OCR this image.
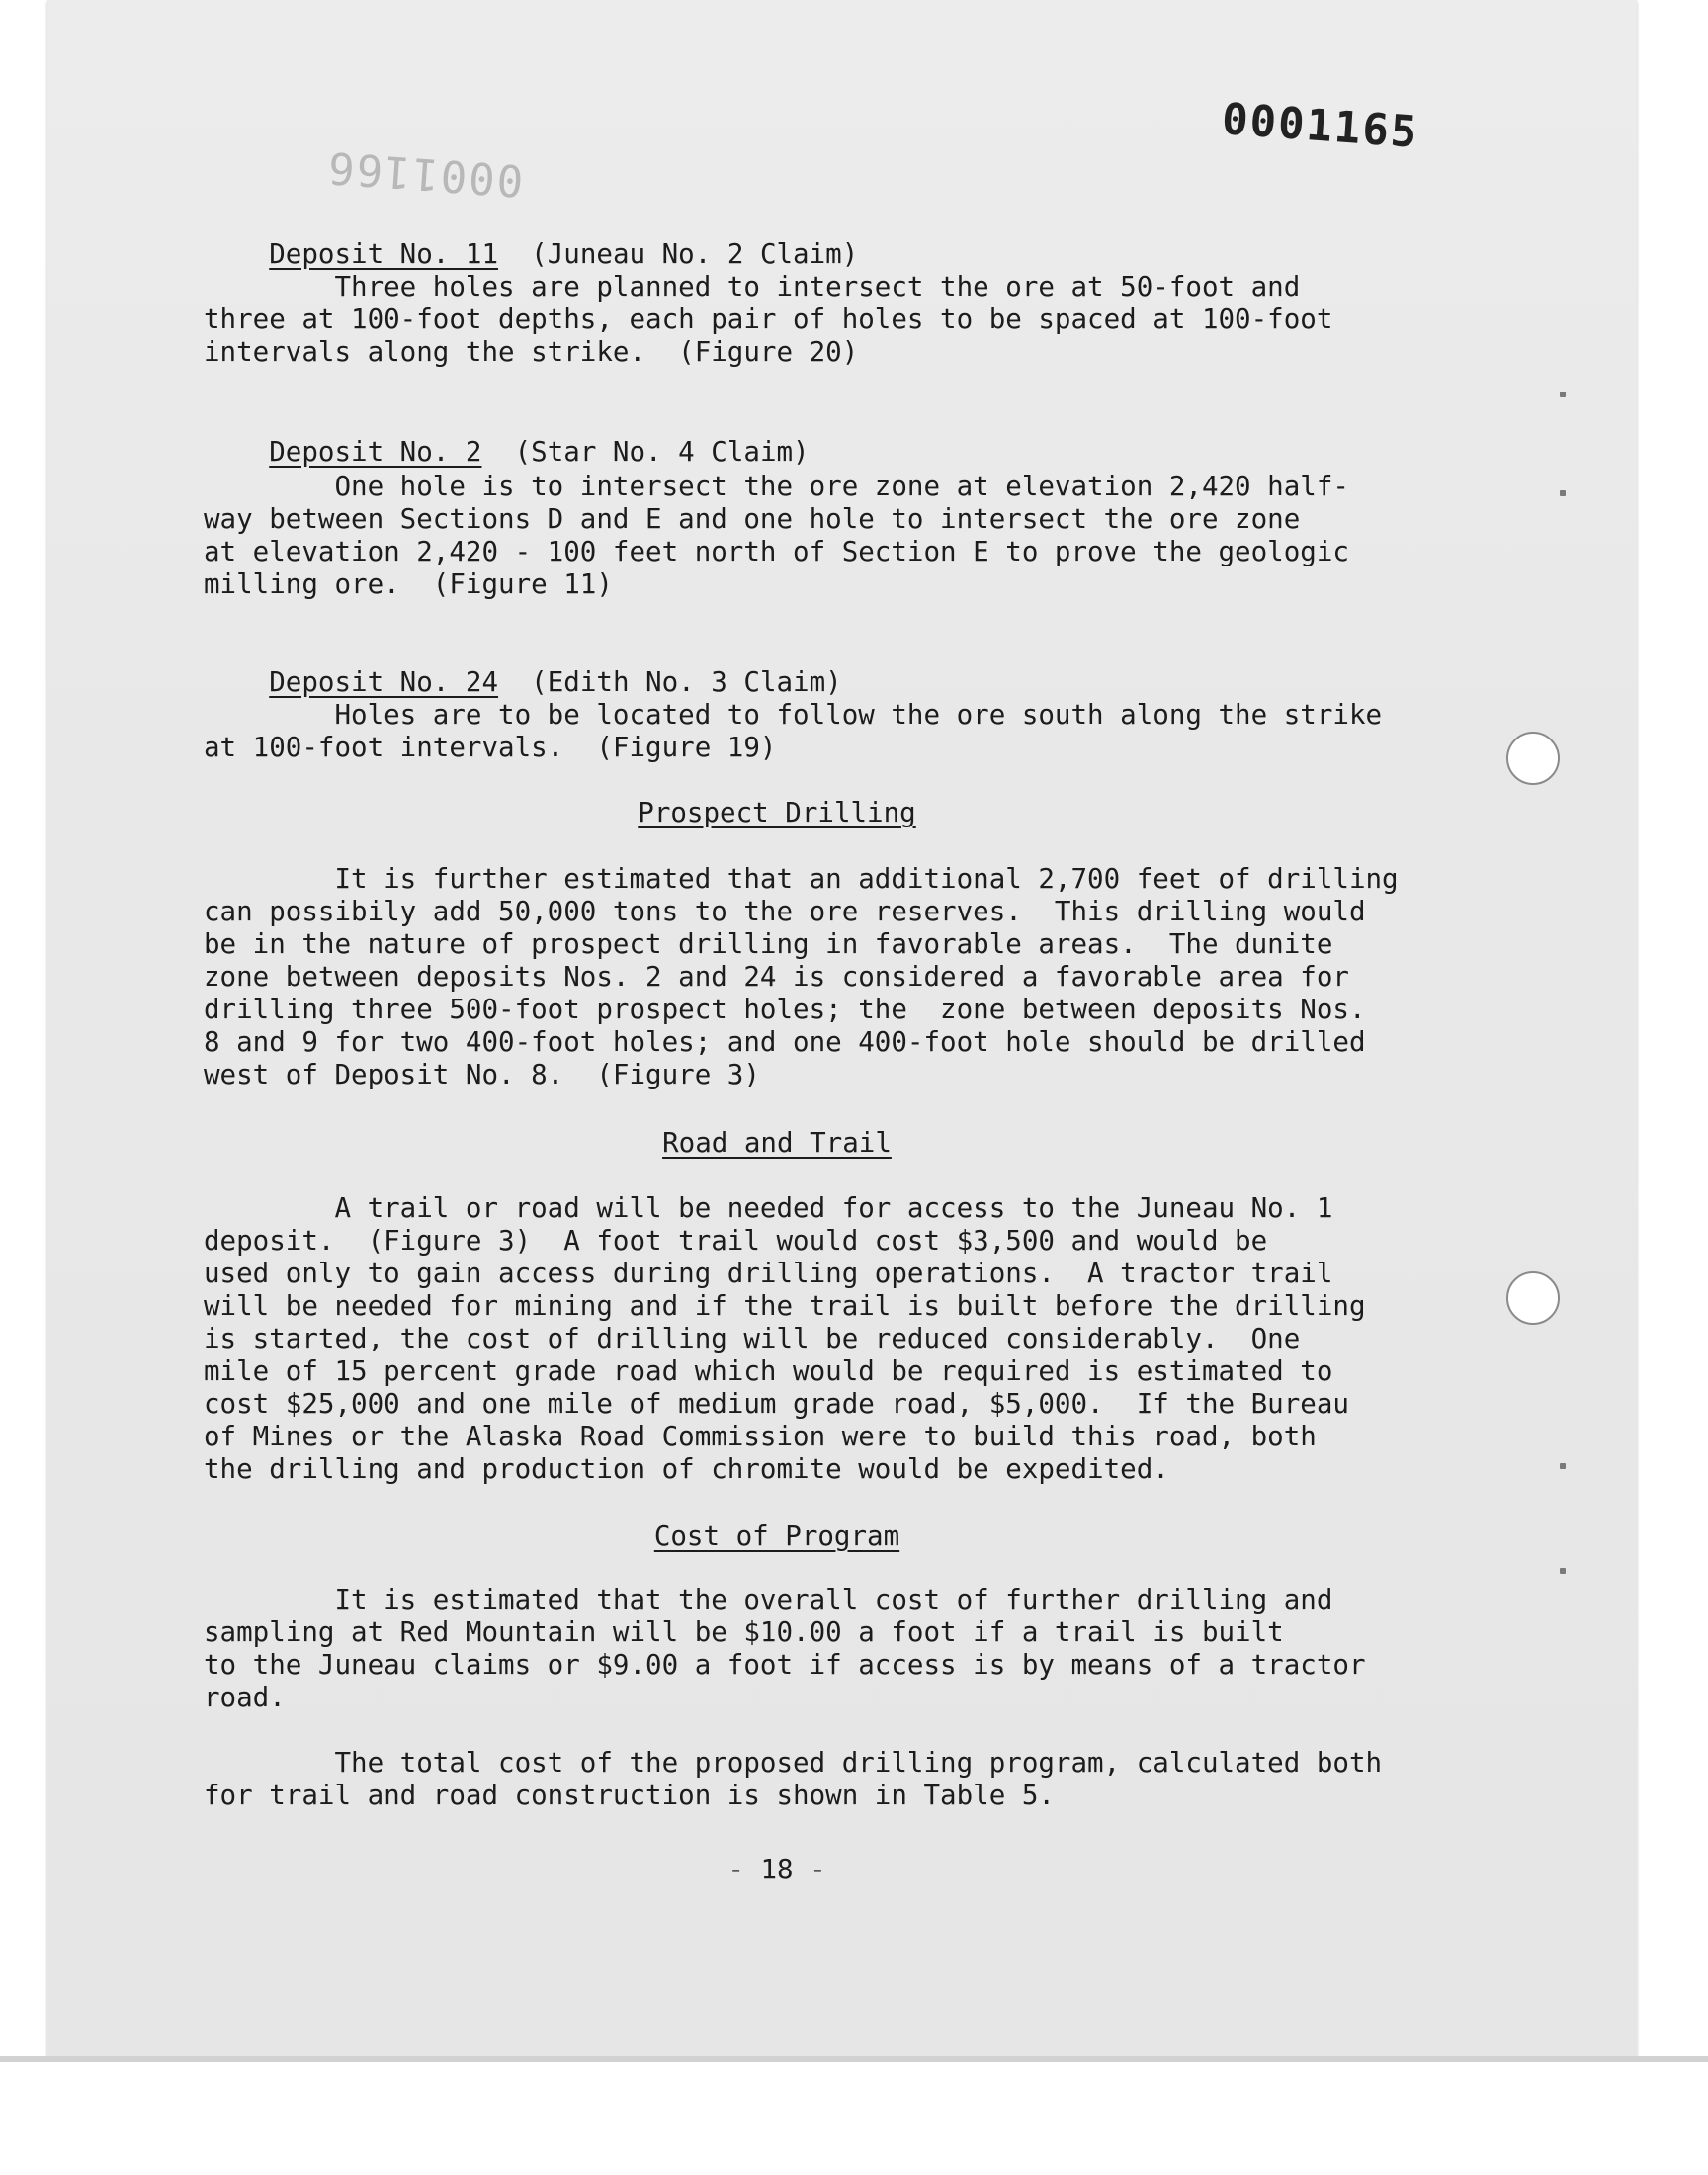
0001165
0001166

Deposit No. 11 (Juneau No. 2 Claim)

Three holes are planned to intersect the ore at 50-foot and
three at 100-foot depths, each pair of holes to be spaced at 100-foot
intervals along the strike.  (Figure 20)

Deposit No. 2 (Star No. 4 Claim)

One hole is to intersect the ore zone at elevation 2,420 half-
way between Sections D and E and one hole to intersect the ore zone
at elevation 2,420 - 100 feet north of Section E to prove the geologic
milling ore.  (Figure 11)

Deposit No. 24 (Edith No. 3 Claim)

Holes are to be located to follow the ore south along the strike
at 100-foot intervals.  (Figure 19)
Prospect Drilling
It is further estimated that an additional 2,700 feet of drilling
can possibily add 50,000 tons to the ore reserves.  This drilling would
be in the nature of prospect drilling in favorable areas.  The dunite
zone between deposits Nos. 2 and 24 is considered a favorable area for
drilling three 500-foot prospect holes; the  zone between deposits Nos.
8 and 9 for two 400-foot holes; and one 400-foot hole should be drilled
west of Deposit No. 8.  (Figure 3)
Road and Trail
A trail or road will be needed for access to the Juneau No. 1
deposit.  (Figure 3)  A foot trail would cost $3,500 and would be
used only to gain access during drilling operations.  A tractor trail
will be needed for mining and if the trail is built before the drilling
is started, the cost of drilling will be reduced considerably.  One
mile of 15 percent grade road which would be required is estimated to
cost $25,000 and one mile of medium grade road, $5,000.  If the Bureau
of Mines or the Alaska Road Commission were to build this road, both
the drilling and production of chromite would be expedited.
Cost of Program
It is estimated that the overall cost of further drilling and
sampling at Red Mountain will be $10.00 a foot if a trail is built
to the Juneau claims or $9.00 a foot if access is by means of a tractor
road.
The total cost of the proposed drilling program, calculated both
for trail and road construction is shown in Table 5.
- 18 -
